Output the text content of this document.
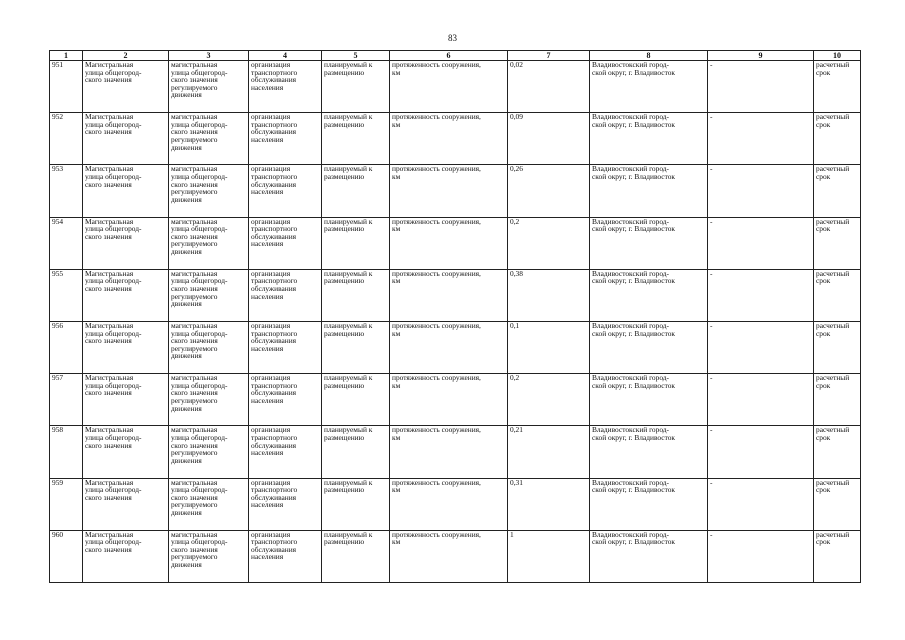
83
1	2	3	4	5	6	7	8	9	10

951	Магистральная
улица общегород-
ского значения	магистральная
улица общегород-
ского значения
регулируемого
движения	организация
транспортного
обслуживания
населения	планируемый к
размещению	протяженность сооружения,
км	0,02	Владивостокский город-
ской округ, г. Владивосток	-	расчетный
срок

952	Магистральная
улица общегород-
ского значения	магистральная
улица общегород-
ского значения
регулируемого
движения	организация
транспортного
обслуживания
населения	планируемый к
размещению	протяженность сооружения,
км	0,09	Владивостокский город-
ской округ, г. Владивосток	-	расчетный
срок

953	Магистральная
улица общегород-
ского значения	магистральная
улица общегород-
ского значения
регулируемого
движения	организация
транспортного
обслуживания
населения	планируемый к
размещению	протяженность сооружения,
км	0,26	Владивостокский город-
ской округ, г. Владивосток	-	расчетный
срок

954	Магистральная
улица общегород-
ского значения	магистральная
улица общегород-
ского значения
регулируемого
движения	организация
транспортного
обслуживания
населения	планируемый к
размещению	протяженность сооружения,
км	0,2	Владивостокский город-
ской округ, г. Владивосток	-	расчетный
срок

955	Магистральная
улица общегород-
ского значения	магистральная
улица общегород-
ского значения
регулируемого
движения	организация
транспортного
обслуживания
населения	планируемый к
размещению	протяженность сооружения,
км	0,38	Владивостокский город-
ской округ, г. Владивосток	-	расчетный
срок

956	Магистральная
улица общегород-
ского значения	магистральная
улица общегород-
ского значения
регулируемого
движения	организация
транспортного
обслуживания
населения	планируемый к
размещению	протяженность сооружения,
км	0,1	Владивостокский город-
ской округ, г. Владивосток	-	расчетный
срок

957	Магистральная
улица общегород-
ского значения	магистральная
улица общегород-
ского значения
регулируемого
движения	организация
транспортного
обслуживания
населения	планируемый к
размещению	протяженность сооружения,
км	0,2	Владивостокский город-
ской округ, г. Владивосток	-	расчетный
срок

958	Магистральная
улица общегород-
ского значения	магистральная
улица общегород-
ского значения
регулируемого
движения	организация
транспортного
обслуживания
населения	планируемый к
размещению	протяженность сооружения,
км	0,21	Владивостокский город-
ской округ, г. Владивосток	-	расчетный
срок

959	Магистральная
улица общегород-
ского значения	магистральная
улица общегород-
ского значения
регулируемого
движения	организация
транспортного
обслуживания
населения	планируемый к
размещению	протяженность сооружения,
км	0,31	Владивостокский город-
ской округ, г. Владивосток	-	расчетный
срок

960	Магистральная
улица общегород-
ского значения	магистральная
улица общегород-
ского значения
регулируемого
движения	организация
транспортного
обслуживания
населения	планируемый к
размещению	протяженность сооружения,
км	1	Владивостокский город-
ской округ, г. Владивосток	-	расчетный
срок
